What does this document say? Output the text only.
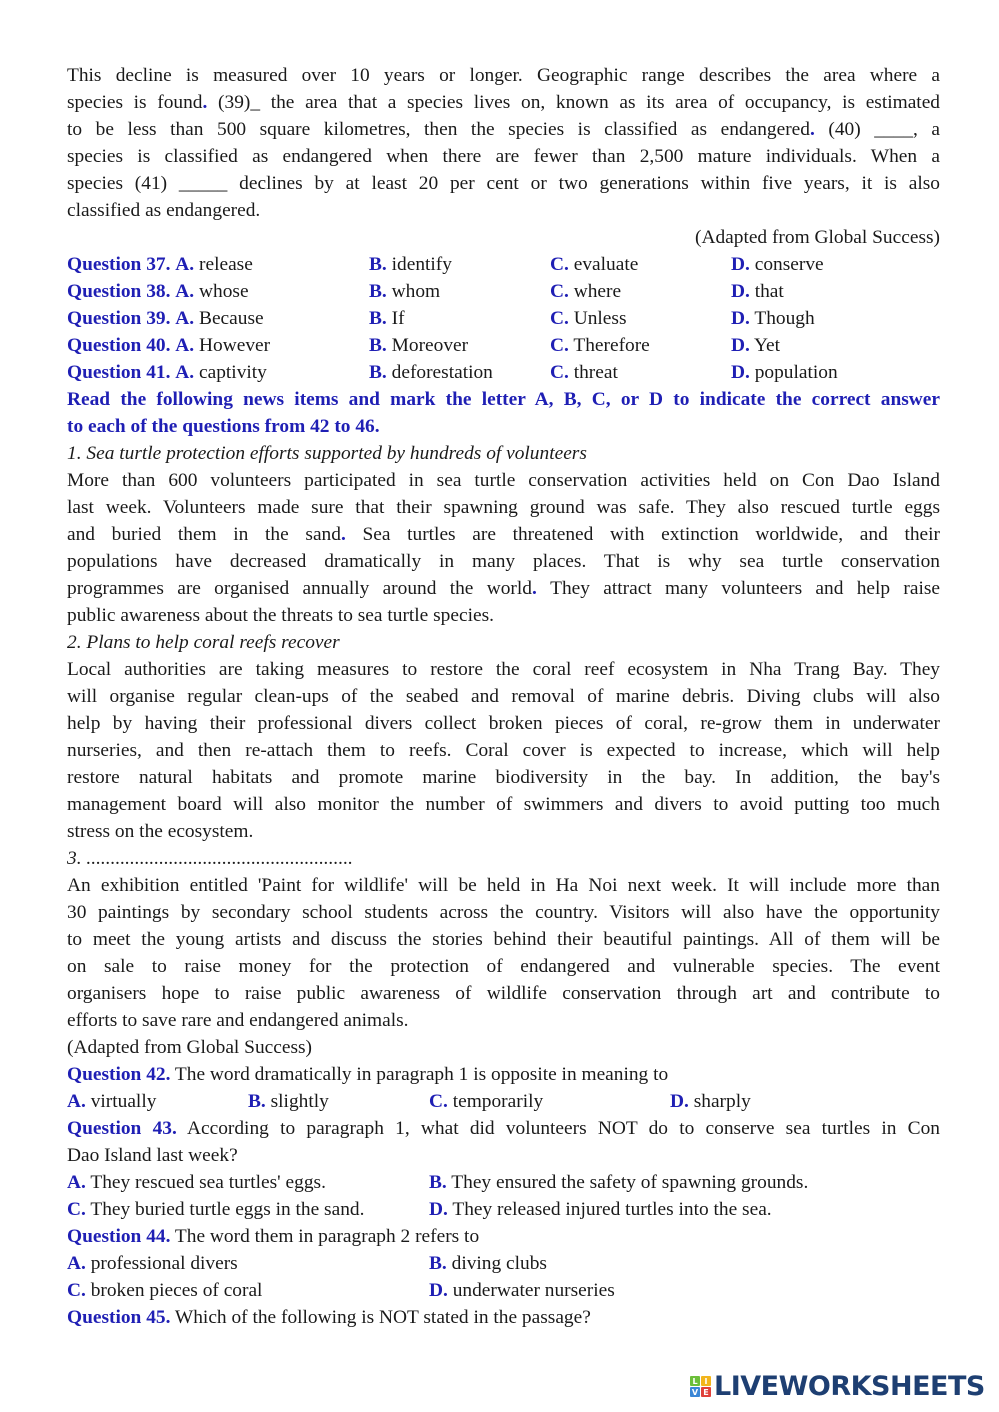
This decline is measured over 10 years or longer. Geographic range describes the area where a
species is found. (39)_ the area that a species lives on, known as its area of occupancy, is estimated
to be less than 500 square kilometres, then the species is classified as endangered. (40) ____, a
species is classified as endangered when there are fewer than 2,500 mature individuals. When a
species (41) _____ declines by at least 20 per cent or two generations within five years, it is also
classified as endangered.
(Adapted from Global Success)
Question 37. A. release	B. identify	C. evaluate	D. conserve
Question 38. A. whose	B. whom	C. where	D. that
Question 39. A. Because	B. If	C. Unless	D. Though
Question 40. A. However	B. Moreover	C. Therefore	D. Yet
Question 41. A. captivity	B. deforestation	C. threat	D. population
Read the following news items and mark the letter A, B, C, or D to indicate the correct answer
to each of the questions from 42 to 46.
1. Sea turtle protection efforts supported by hundreds of volunteers
More than 600 volunteers participated in sea turtle conservation activities held on Con Dao Island
last week. Volunteers made sure that their spawning ground was safe. They also rescued turtle eggs
and buried them in the sand. Sea turtles are threatened with extinction worldwide, and their
populations have decreased dramatically in many places. That is why sea turtle conservation
programmes are organised annually around the world. They attract many volunteers and help raise
public awareness about the threats to sea turtle species.
2. Plans to help coral reefs recover
Local authorities are taking measures to restore the coral reef ecosystem in Nha Trang Bay. They
will organise regular clean-ups of the seabed and removal of marine debris. Diving clubs will also
help by having their professional divers collect broken pieces of coral, re-grow them in underwater
nurseries, and then re-attach them to reefs. Coral cover is expected to increase, which will help
restore natural habitats and promote marine biodiversity in the bay. In addition, the bay's
management board will also monitor the number of swimmers and divers to avoid putting too much
stress on the ecosystem.
3. .......................................................
An exhibition entitled 'Paint for wildlife' will be held in Ha Noi next week. It will include more than
30 paintings by secondary school students across the country. Visitors will also have the opportunity
to meet the young artists and discuss the stories behind their beautiful paintings. All of them will be
on sale to raise money for the protection of endangered and vulnerable species. The event
organisers hope to raise public awareness of wildlife conservation through art and contribute to
efforts to save rare and endangered animals.
(Adapted from Global Success)
Question 42. The word dramatically in paragraph 1 is opposite in meaning to
A. virtually	B. slightly	C. temporarily	D. sharply
Question 43. According to paragraph 1, what did volunteers NOT do to conserve sea turtles in Con
Dao Island last week?
A. They rescued sea turtles' eggs.	B. They ensured the safety of spawning grounds.
C. They buried turtle eggs in the sand.	D. They released injured turtles into the sea.
Question 44. The word them in paragraph 2 refers to
A. professional divers	B. diving clubs
C. broken pieces of coral	D. underwater nurseries
Question 45. Which of the following is NOT stated in the passage?
L I
V E LIVEWORKSHEETS
